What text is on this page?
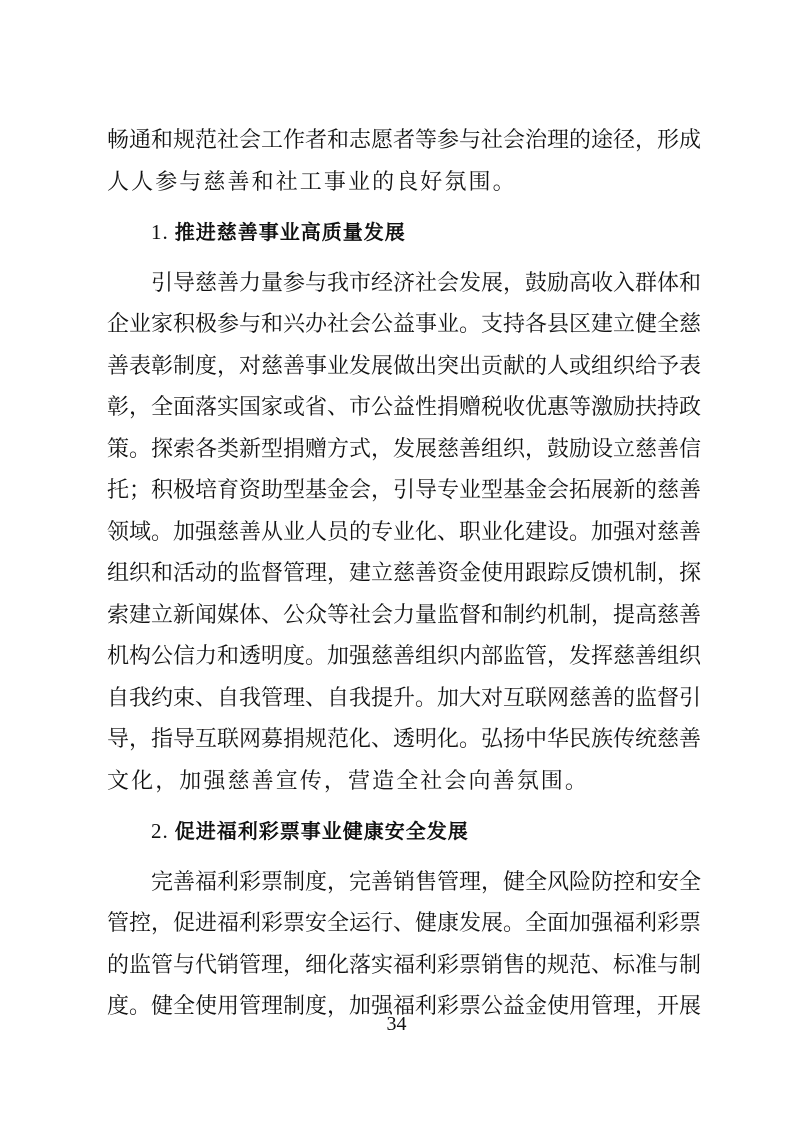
畅通和规范社会工作者和志愿者等参与社会治理的途径，形成
人人参与慈善和社工事业的良好氛围。
1. 推进慈善事业高质量发展
引导慈善力量参与我市经济社会发展，鼓励高收入群体和
企业家积极参与和兴办社会公益事业。支持各县区建立健全慈
善表彰制度，对慈善事业发展做出突出贡献的人或组织给予表
彰，全面落实国家或省、市公益性捐赠税收优惠等激励扶持政
策。探索各类新型捐赠方式，发展慈善组织，鼓励设立慈善信
托；积极培育资助型基金会，引导专业型基金会拓展新的慈善
领域。加强慈善从业人员的专业化、职业化建设。加强对慈善
组织和活动的监督管理，建立慈善资金使用跟踪反馈机制，探
索建立新闻媒体、公众等社会力量监督和制约机制，提高慈善
机构公信力和透明度。加强慈善组织内部监管，发挥慈善组织
自我约束、自我管理、自我提升。加大对互联网慈善的监督引
导，指导互联网募捐规范化、透明化。弘扬中华民族传统慈善
文化，加强慈善宣传，营造全社会向善氛围。
2. 促进福利彩票事业健康安全发展
完善福利彩票制度，完善销售管理，健全风险防控和安全
管控，促进福利彩票安全运行、健康发展。全面加强福利彩票
的监管与代销管理，细化落实福利彩票销售的规范、标准与制
度。健全使用管理制度，加强福利彩票公益金使用管理，开展
34
